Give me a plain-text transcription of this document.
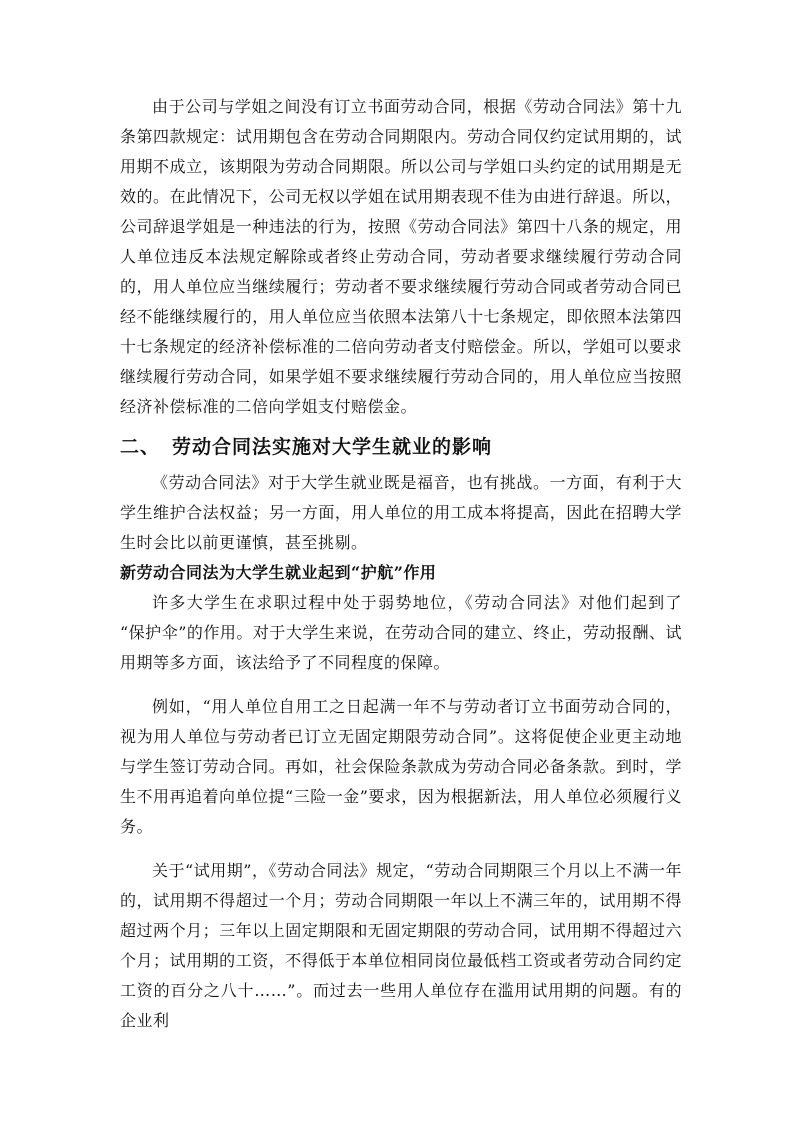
由于公司与学姐之间没有订立书面劳动合同，根据《劳动合同法》第十九条第四款规定：试用期包含在劳动合同期限内。劳动合同仅约定试用期的，试用期不成立，该期限为劳动合同期限。所以公司与学姐口头约定的试用期是无效的。在此情况下，公司无权以学姐在试用期表现不佳为由进行辞退。所以，公司辞退学姐是一种违法的行为，按照《劳动合同法》第四十八条的规定，用人单位违反本法规定解除或者终止劳动合同，劳动者要求继续履行劳动合同的，用人单位应当继续履行；劳动者不要求继续履行劳动合同或者劳动合同已经不能继续履行的，用人单位应当依照本法第八十七条规定，即依照本法第四十七条规定的经济补偿标准的二倍向劳动者支付赔偿金。所以，学姐可以要求继续履行劳动合同，如果学姐不要求继续履行劳动合同的，用人单位应当按照经济补偿标准的二倍向学姐支付赔偿金。

二、 劳动合同法实施对大学生就业的影响

《劳动合同法》对于大学生就业既是福音，也有挑战。一方面，有利于大学生维护合法权益；另一方面，用人单位的用工成本将提高，因此在招聘大学生时会比以前更谨慎，甚至挑剔。

新劳动合同法为大学生就业起到“护航”作用

许多大学生在求职过程中处于弱势地位，《劳动合同法》对他们起到了 “保护伞”的作用。对于大学生来说，在劳动合同的建立、终止，劳动报酬、试用期等多方面，该法给予了不同程度的保障。

例如，“用人单位自用工之日起满一年不与劳动者订立书面劳动合同的，视为用人单位与劳动者已订立无固定期限劳动合同”。这将促使企业更主动地与学生签订劳动合同。再如，社会保险条款成为劳动合同必备条款。到时，学生不用再追着向单位提“三险一金”要求，因为根据新法，用人单位必须履行义务。

关于“试用期”，《劳动合同法》规定，“劳动合同期限三个月以上不满一年的，试用期不得超过一个月；劳动合同期限一年以上不满三年的，试用期不得超过两个月；三年以上固定期限和无固定期限的劳动合同，试用期不得超过六个月；试用期的工资，不得低于本单位相同岗位最低档工资或者劳动合同约定工资的百分之八十……”。而过去一些用人单位存在滥用试用期的问题。有的企业利
